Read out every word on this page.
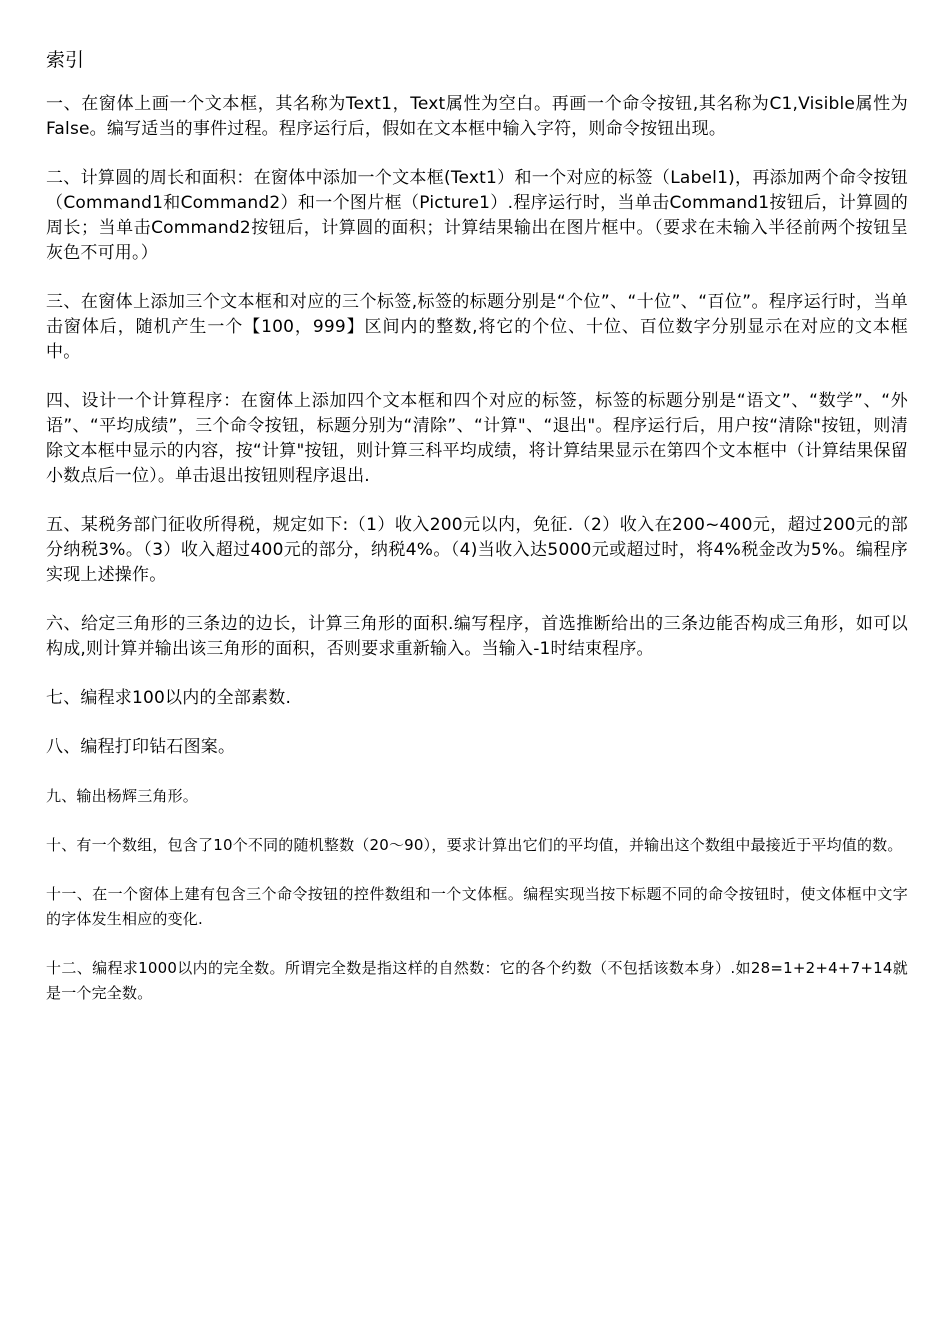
索引

一、在窗体上画一个文本框，其名称为Text1，Text属性为空白。再画一个命令按钮,其名称为C1,Visible属性为False。编写适当的事件过程。程序运行后，假如在文本框中输入字符，则命令按钮出现。

二、计算圆的周长和面积：在窗体中添加一个文本框(Text1）和一个对应的标签（Label1)，再添加两个命令按钮（Command1和Command2）和一个图片框（Picture1）.程序运行时，当单击Command1按钮后，计算圆的周长；当单击Command2按钮后，计算圆的面积；计算结果输出在图片框中。（要求在未输入半径前两个按钮呈灰色不可用。）

三、在窗体上添加三个文本框和对应的三个标签,标签的标题分别是“个位”、“十位”、“百位”。程序运行时，当单击窗体后，随机产生一个【100，999】区间内的整数,将它的个位、十位、百位数字分别显示在对应的文本框中。

四、设计一个计算程序：在窗体上添加四个文本框和四个对应的标签，标签的标题分别是“语文”、“数学”、“外语”、“平均成绩”，三个命令按钮，标题分别为“清除”、“计算"、“退出"。程序运行后，用户按“清除"按钮，则清除文本框中显示的内容，按“计算"按钮，则计算三科平均成绩，将计算结果显示在第四个文本框中（计算结果保留小数点后一位）。单击退出按钮则程序退出.

五、某税务部门征收所得税，规定如下:（1）收入200元以内，免征.（2）收入在200~400元，超过200元的部分纳税3%。（3）收入超过400元的部分，纳税4%。（4)当收入达5000元或超过时，将4%税金改为5%。编程序实现上述操作。

六、给定三角形的三条边的边长，计算三角形的面积.编写程序，首选推断给出的三条边能否构成三角形，如可以构成,则计算并输出该三角形的面积，否则要求重新输入。当输入-1时结束程序。

七、编程求100以内的全部素数.

八、编程打印钻石图案。

九、输出杨辉三角形。

十、有一个数组，包含了10个不同的随机整数（20～90），要求计算出它们的平均值，并输出这个数组中最接近于平均值的数。

十一、在一个窗体上建有包含三个命令按钮的控件数组和一个文体框。编程实现当按下标题不同的命令按钮时，使文体框中文字的字体发生相应的变化.

十二、编程求1000以内的完全数。所谓完全数是指这样的自然数：它的各个约数（不包括该数本身）.如28=1+2+4+7+14就是一个完全数。
